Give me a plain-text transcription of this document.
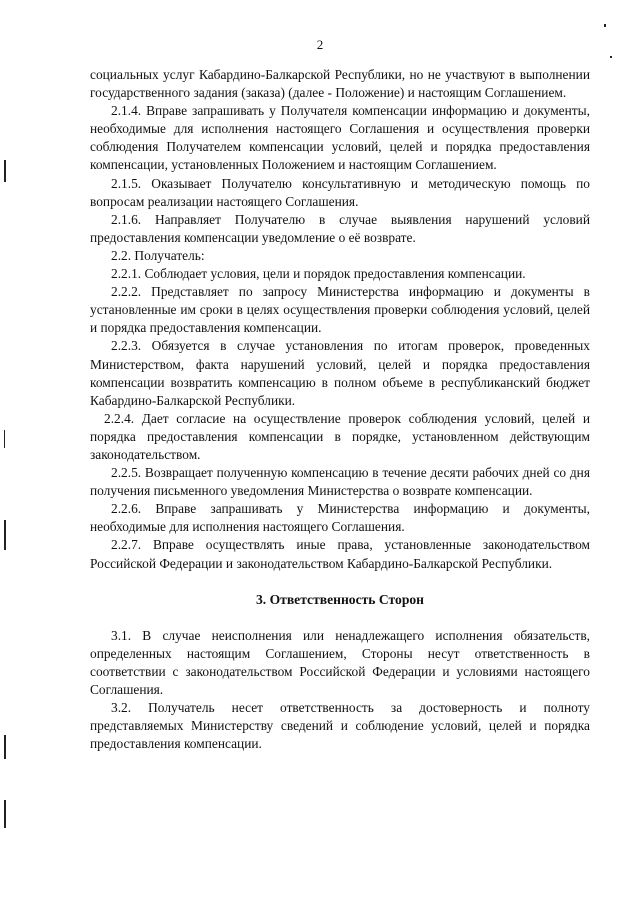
2

социальных услуг Кабардино-Балкарской Республики, но не участвуют в выполнении государственного задания (заказа) (далее - Положение) и настоящим Соглашением.

2.1.4. Вправе запрашивать у Получателя компенсации информацию и документы, необходимые для исполнения настоящего Соглашения и осуществления проверки соблюдения Получателем компенсации условий, целей и порядка предоставления компенсации, установленных Положением и настоящим Соглашением.

2.1.5. Оказывает Получателю консультативную и методическую помощь по вопросам реализации настоящего Соглашения.

2.1.6. Направляет Получателю в случае выявления нарушений условий предоставления компенсации уведомление о её возврате.

2.2. Получатель:

2.2.1. Соблюдает условия, цели и порядок предоставления компенсации.

2.2.2. Представляет по запросу Министерства информацию и документы в установленные им сроки в целях осуществления проверки соблюдения условий, целей и порядка предоставления компенсации.

2.2.3. Обязуется в случае установления по итогам проверок, проведенных Министерством, факта нарушений условий, целей и порядка предоставления компенсации возвратить компенсацию в полном объеме в республиканский бюджет Кабардино-Балкарской Республики.

2.2.4. Дает согласие на осуществление проверок соблюдения условий, целей и порядка предоставления компенсации в порядке, установленном действующим законодательством.

2.2.5. Возвращает полученную компенсацию в течение десяти рабочих дней со дня получения письменного уведомления Министерства о возврате компенсации.

2.2.6. Вправе запрашивать у Министерства информацию и документы, необходимые для исполнения настоящего Соглашения.

2.2.7. Вправе осуществлять иные права, установленные законодательством Российской Федерации и законодательством Кабардино-Балкарской Республики.

3. Ответственность Сторон

3.1. В случае неисполнения или ненадлежащего исполнения обязательств, определенных настоящим Соглашением, Стороны несут ответственность в соответствии с законодательством Российской Федерации и условиями настоящего Соглашения.

3.2. Получатель несет ответственность за достоверность и полноту представляемых Министерству сведений и соблюдение условий, целей и порядка предоставления компенсации.
